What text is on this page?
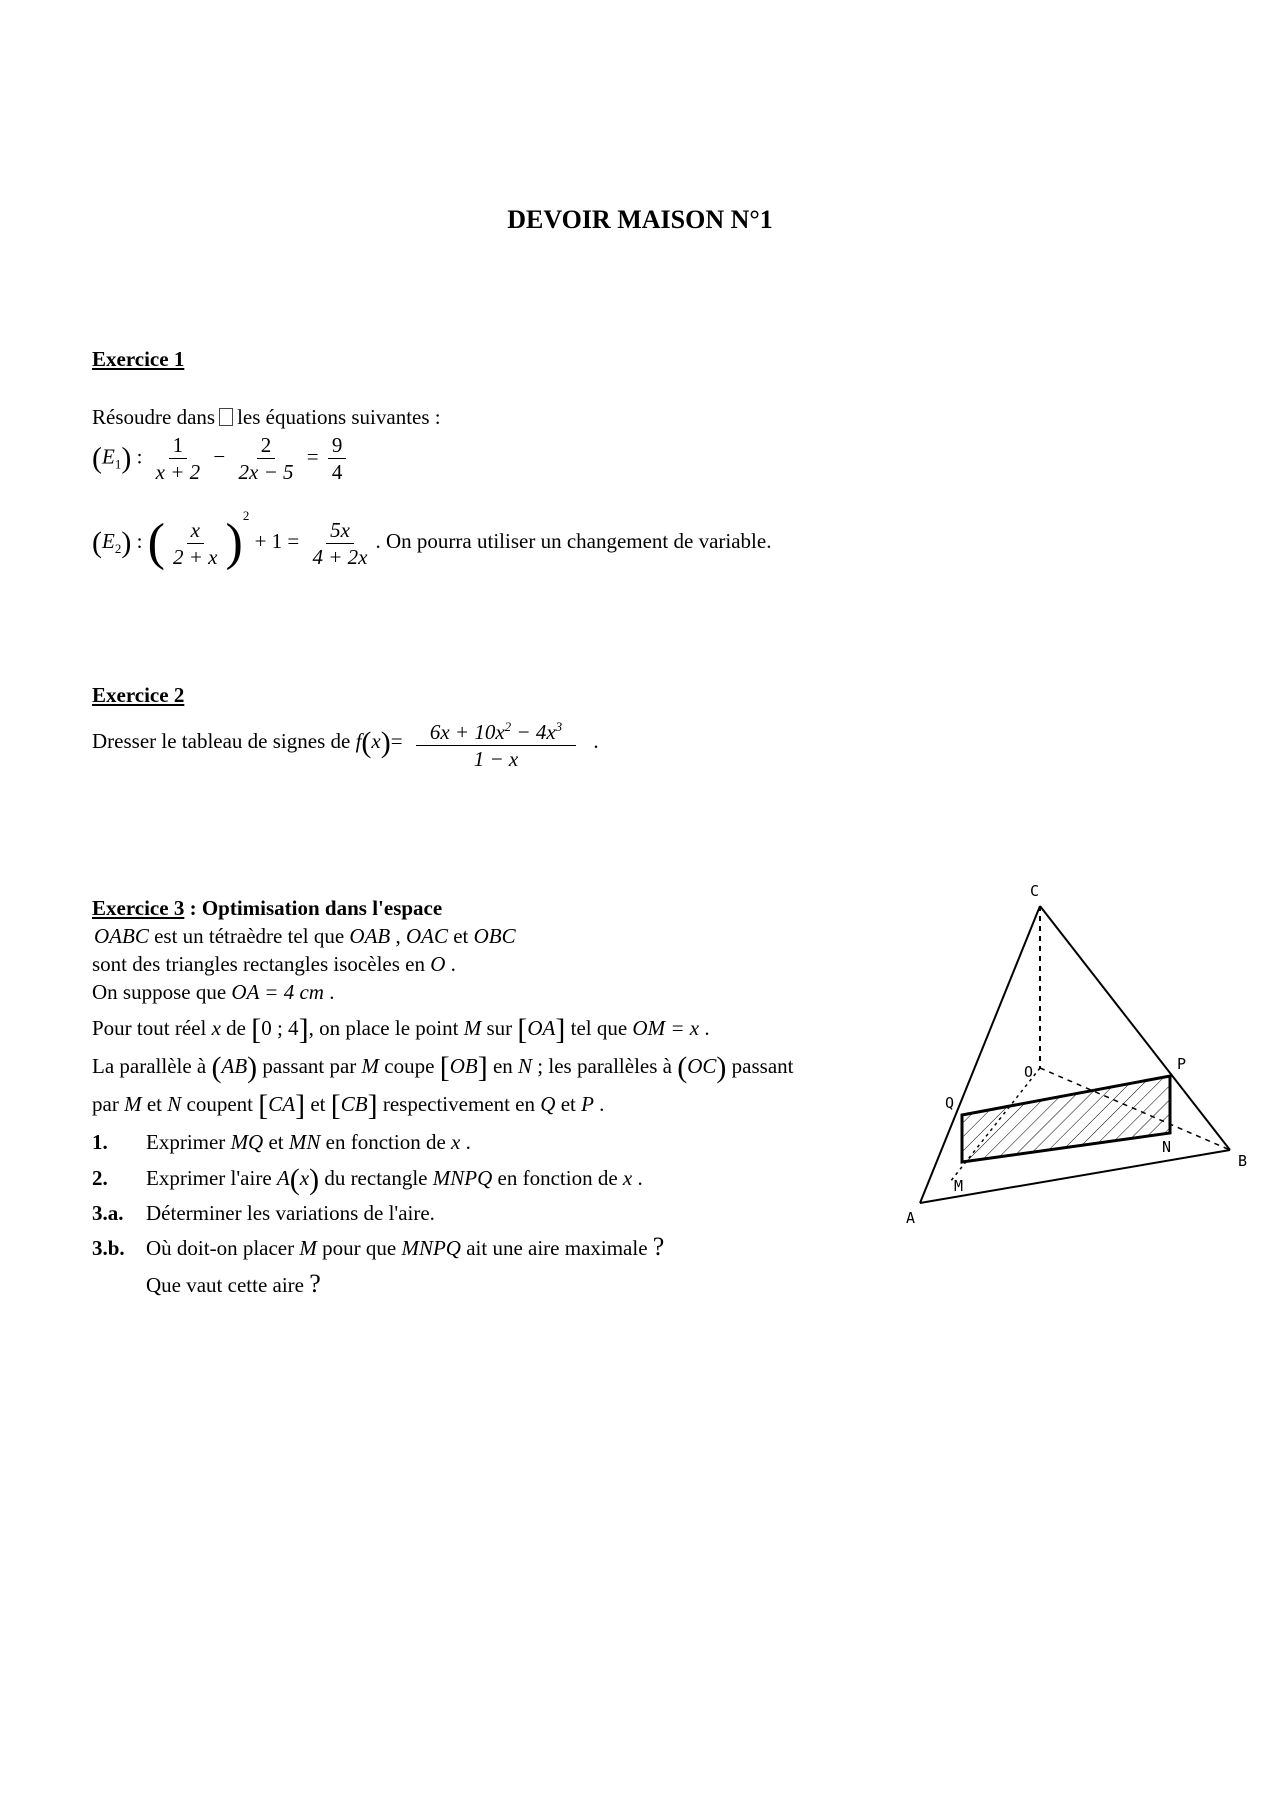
DEVOIR MAISON N°1
Exercice 1
Résoudre dans les équations suivantes :
$(E_1)$ : $\frac{1}{x + 2} - \frac{2}{2x - 5} = \frac{9}{4}$
$(E_2)$ : ( $\frac{x}{2 + x} )^2 + 1 = \frac{5x}{4 + 2x}$ . On pourra utiliser un changement de variable.
Exercice 2
Dresser le tableau de signes de $f(x)= \frac{6x + 10x^2 - 4x^3}{1 - x}$ .
Exercice 3 : Optimisation dans l'espace
OABC est un tétraèdre tel que OAB , OAC et OBC
sont des triangles rectangles isocèles en O .
On suppose que OA = 4 cm .
Pour tout réel x de [0 ; 4], on place le point M sur [OA] tel que OM = x .
La parallèle à (AB) passant par M coupe [OB] en N ; les parallèles à (OC) passant
par M et N coupent [CA] et [CB] respectivement en Q et P .
1. Exprimer MQ et MN en fonction de x .
2. Exprimer l'aire A(x) du rectangle MNPQ en fonction de x .
3.a. Déterminer les variations de l'aire.
3.b. Où doit-on placer M pour que MNPQ ait une aire maximale ?
Que vaut cette aire ?
C
O	P
Q
N
B
M
A
